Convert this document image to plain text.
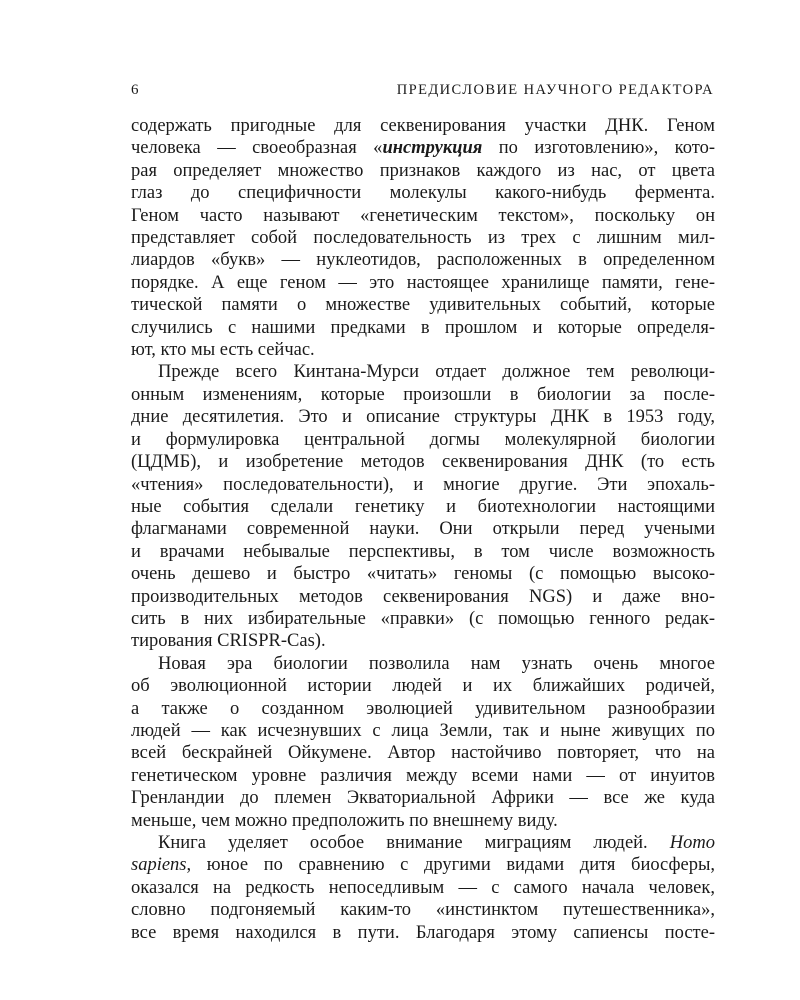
6	ПРЕДИСЛОВИЕ НАУЧНОГО РЕДАКТОРА
содержать пригодные для секвенирования участки ДНК. Геном
человека — своеобразная «инструкция по изготовлению», кото-
рая определяет множество признаков каждого из нас, от цвета
глаз до специфичности молекулы какого-нибудь фермента.
Геном часто называют «генетическим текстом», поскольку он
представляет собой последовательность из трех с лишним мил-
лиардов «букв» — нуклеотидов, расположенных в определенном
порядке. А еще геном — это настоящее хранилище памяти, гене-
тической памяти о множестве удивительных событий, которые
случились с нашими предками в прошлом и которые определя-
ют, кто мы есть сейчас.
Прежде всего Кинтана-Мурси отдает должное тем революци-
онным изменениям, которые произошли в биологии за после-
дние десятилетия. Это и описание структуры ДНК в 1953 году,
и формулировка центральной догмы молекулярной биологии
(ЦДМБ), и изобретение методов секвенирования ДНК (то есть
«чтения» последовательности), и многие другие. Эти эпохаль-
ные события сделали генетику и биотехнологии настоящими
флагманами современной науки. Они открыли перед учеными
и врачами небывалые перспективы, в том числе возможность
очень дешево и быстро «читать» геномы (с помощью высоко-
производительных методов секвенирования NGS) и даже вно-
сить в них избирательные «правки» (с помощью генного редак-
тирования CRISPR-Cas).
Новая эра биологии позволила нам узнать очень многое
об эволюционной истории людей и их ближайших родичей,
а также о созданном эволюцией удивительном разнообразии
людей — как исчезнувших с лица Земли, так и ныне живущих по
всей бескрайней Ойкумене. Автор настойчиво повторяет, что на
генетическом уровне различия между всеми нами — от инуитов
Гренландии до племен Экваториальной Африки — все же куда
меньше, чем можно предположить по внешнему виду.
Книга уделяет особое внимание миграциям людей. Homo
sapiens, юное по сравнению с другими видами дитя биосферы,
оказался на редкость непоседливым — с самого начала человек,
словно подгоняемый каким-то «инстинктом путешественника»,
все время находился в пути. Благодаря этому сапиенсы посте-
